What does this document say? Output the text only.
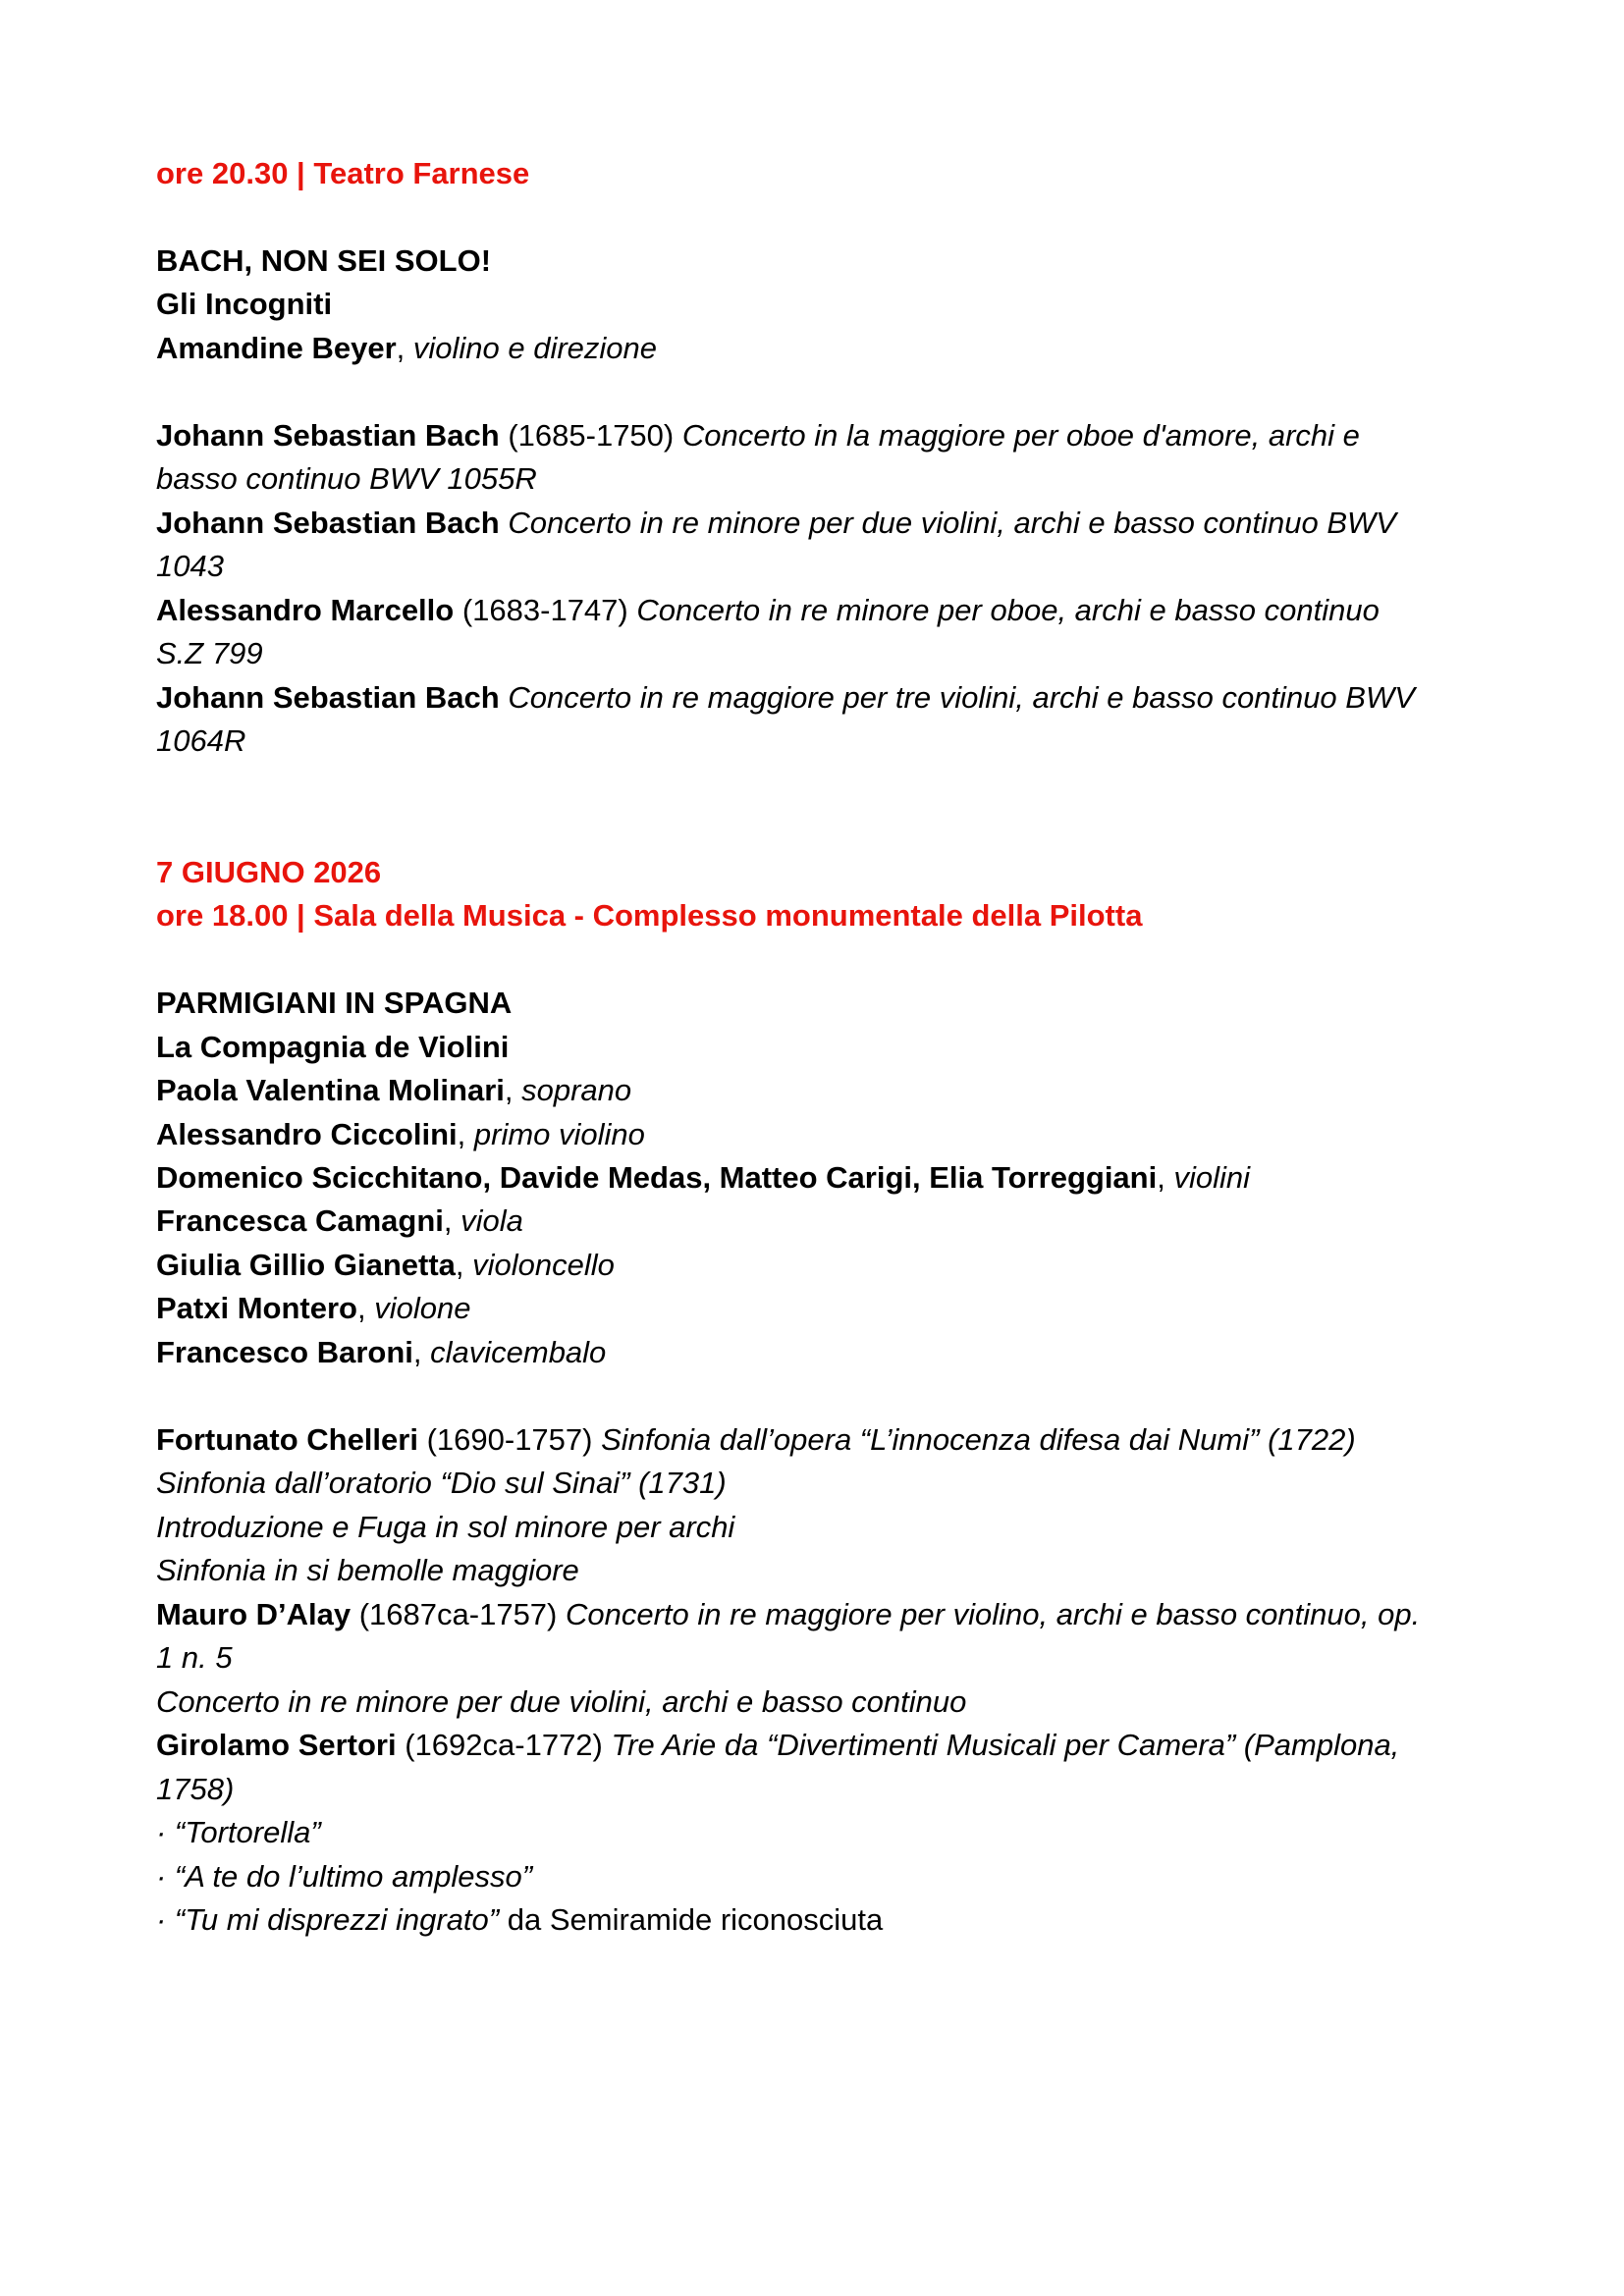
ore 20.30 | Teatro Farnese

BACH, NON SEI SOLO!

Gli Incogniti

Amandine Beyer, violino e direzione

Johann Sebastian Bach (1685-1750) Concerto in la maggiore per oboe d'amore, archi e

basso continuo BWV 1055R

Johann Sebastian Bach Concerto in re minore per due violini, archi e basso continuo BWV

1043

Alessandro Marcello (1683-1747) Concerto in re minore per oboe, archi e basso continuo

S.Z 799

Johann Sebastian Bach Concerto in re maggiore per tre violini, archi e basso continuo BWV

1064R

7 GIUGNO 2026

ore 18.00 | Sala della Musica - Complesso monumentale della Pilotta

PARMIGIANI IN SPAGNA

La Compagnia de Violini

Paola Valentina Molinari, soprano

Alessandro Ciccolini, primo violino

Domenico Scicchitano, Davide Medas, Matteo Carigi, Elia Torreggiani, violini

Francesca Camagni, viola

Giulia Gillio Gianetta, violoncello

Patxi Montero, violone

Francesco Baroni, clavicembalo

Fortunato Chelleri (1690-1757) Sinfonia dall’opera “L’innocenza difesa dai Numi” (1722)

Sinfonia dall’oratorio “Dio sul Sinai” (1731)

Introduzione e Fuga in sol minore per archi

Sinfonia in si bemolle maggiore

Mauro D’Alay (1687ca-1757) Concerto in re maggiore per violino, archi e basso continuo, op.

1 n. 5

Concerto in re minore per due violini, archi e basso continuo

Girolamo Sertori (1692ca-1772) Tre Arie da “Divertimenti Musicali per Camera” (Pamplona,

1758)

· “Tortorella”

· “A te do l’ultimo amplesso”

· “Tu mi disprezzi ingrato” da Semiramide riconosciuta
